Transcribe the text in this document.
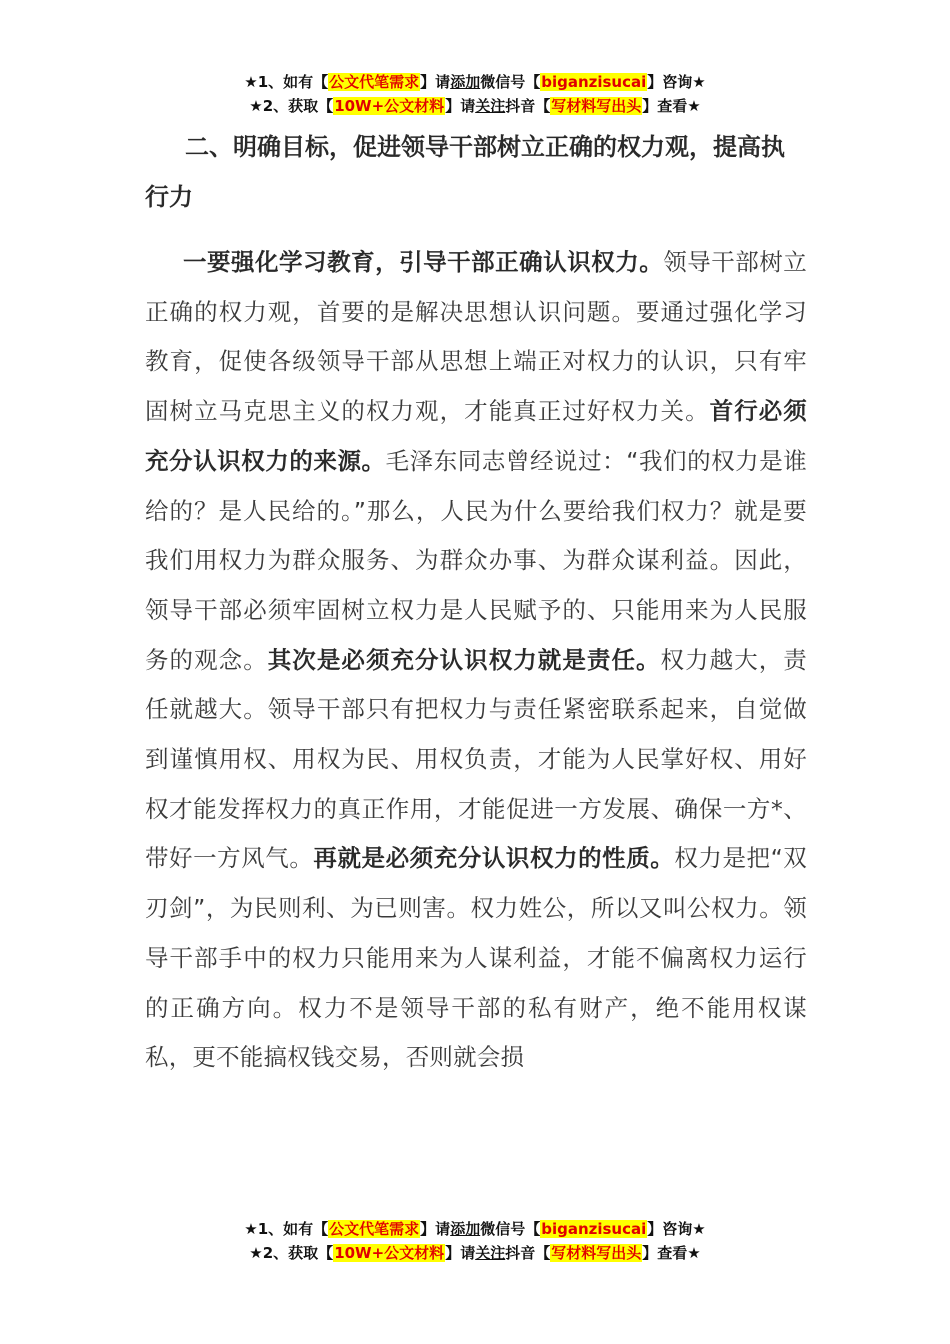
★1、如有【公文代笔需求】请添加微信号【biganzisucai】咨询★
★2、获取【10W+公文材料】请关注抖音【写材料写出头】查看★

二、明确目标，促进领导干部树立正确的权力观，提高执行力

一要强化学习教育，引导干部正确认识权力。领导干部树立正确的权力观，首要的是解决思想认识问题。要通过强化学习教育，促使各级领导干部从思想上端正对权力的认识，只有牢固树立马克思主义的权力观，才能真正过好权力关。首行必须充分认识权力的来源。毛泽东同志曾经说过：“我们的权力是谁给的？是人民给的。”那么，人民为什么要给我们权力？就是要我们用权力为群众服务、为群众办事、为群众谋利益。因此，领导干部必须牢固树立权力是人民赋予的、只能用来为人民服务的观念。其次是必须充分认识权力就是责任。权力越大，责任就越大。领导干部只有把权力与责任紧密联系起来，自觉做到谨慎用权、用权为民、用权负责，才能为人民掌好权、用好权才能发挥权力的真正作用，才能促进一方发展、确保一方*、带好一方风气。再就是必须充分认识权力的性质。权力是把“双刃剑”，为民则利、为已则害。权力姓公，所以又叫公权力。领导干部手中的权力只能用来为人谋利益，才能不偏离权力运行的正确方向。权力不是领导干部的私有财产，绝不能用权谋私，更不能搞权钱交易，否则就会损

★1、如有【公文代笔需求】请添加微信号【biganzisucai】咨询★
★2、获取【10W+公文材料】请关注抖音【写材料写出头】查看★
